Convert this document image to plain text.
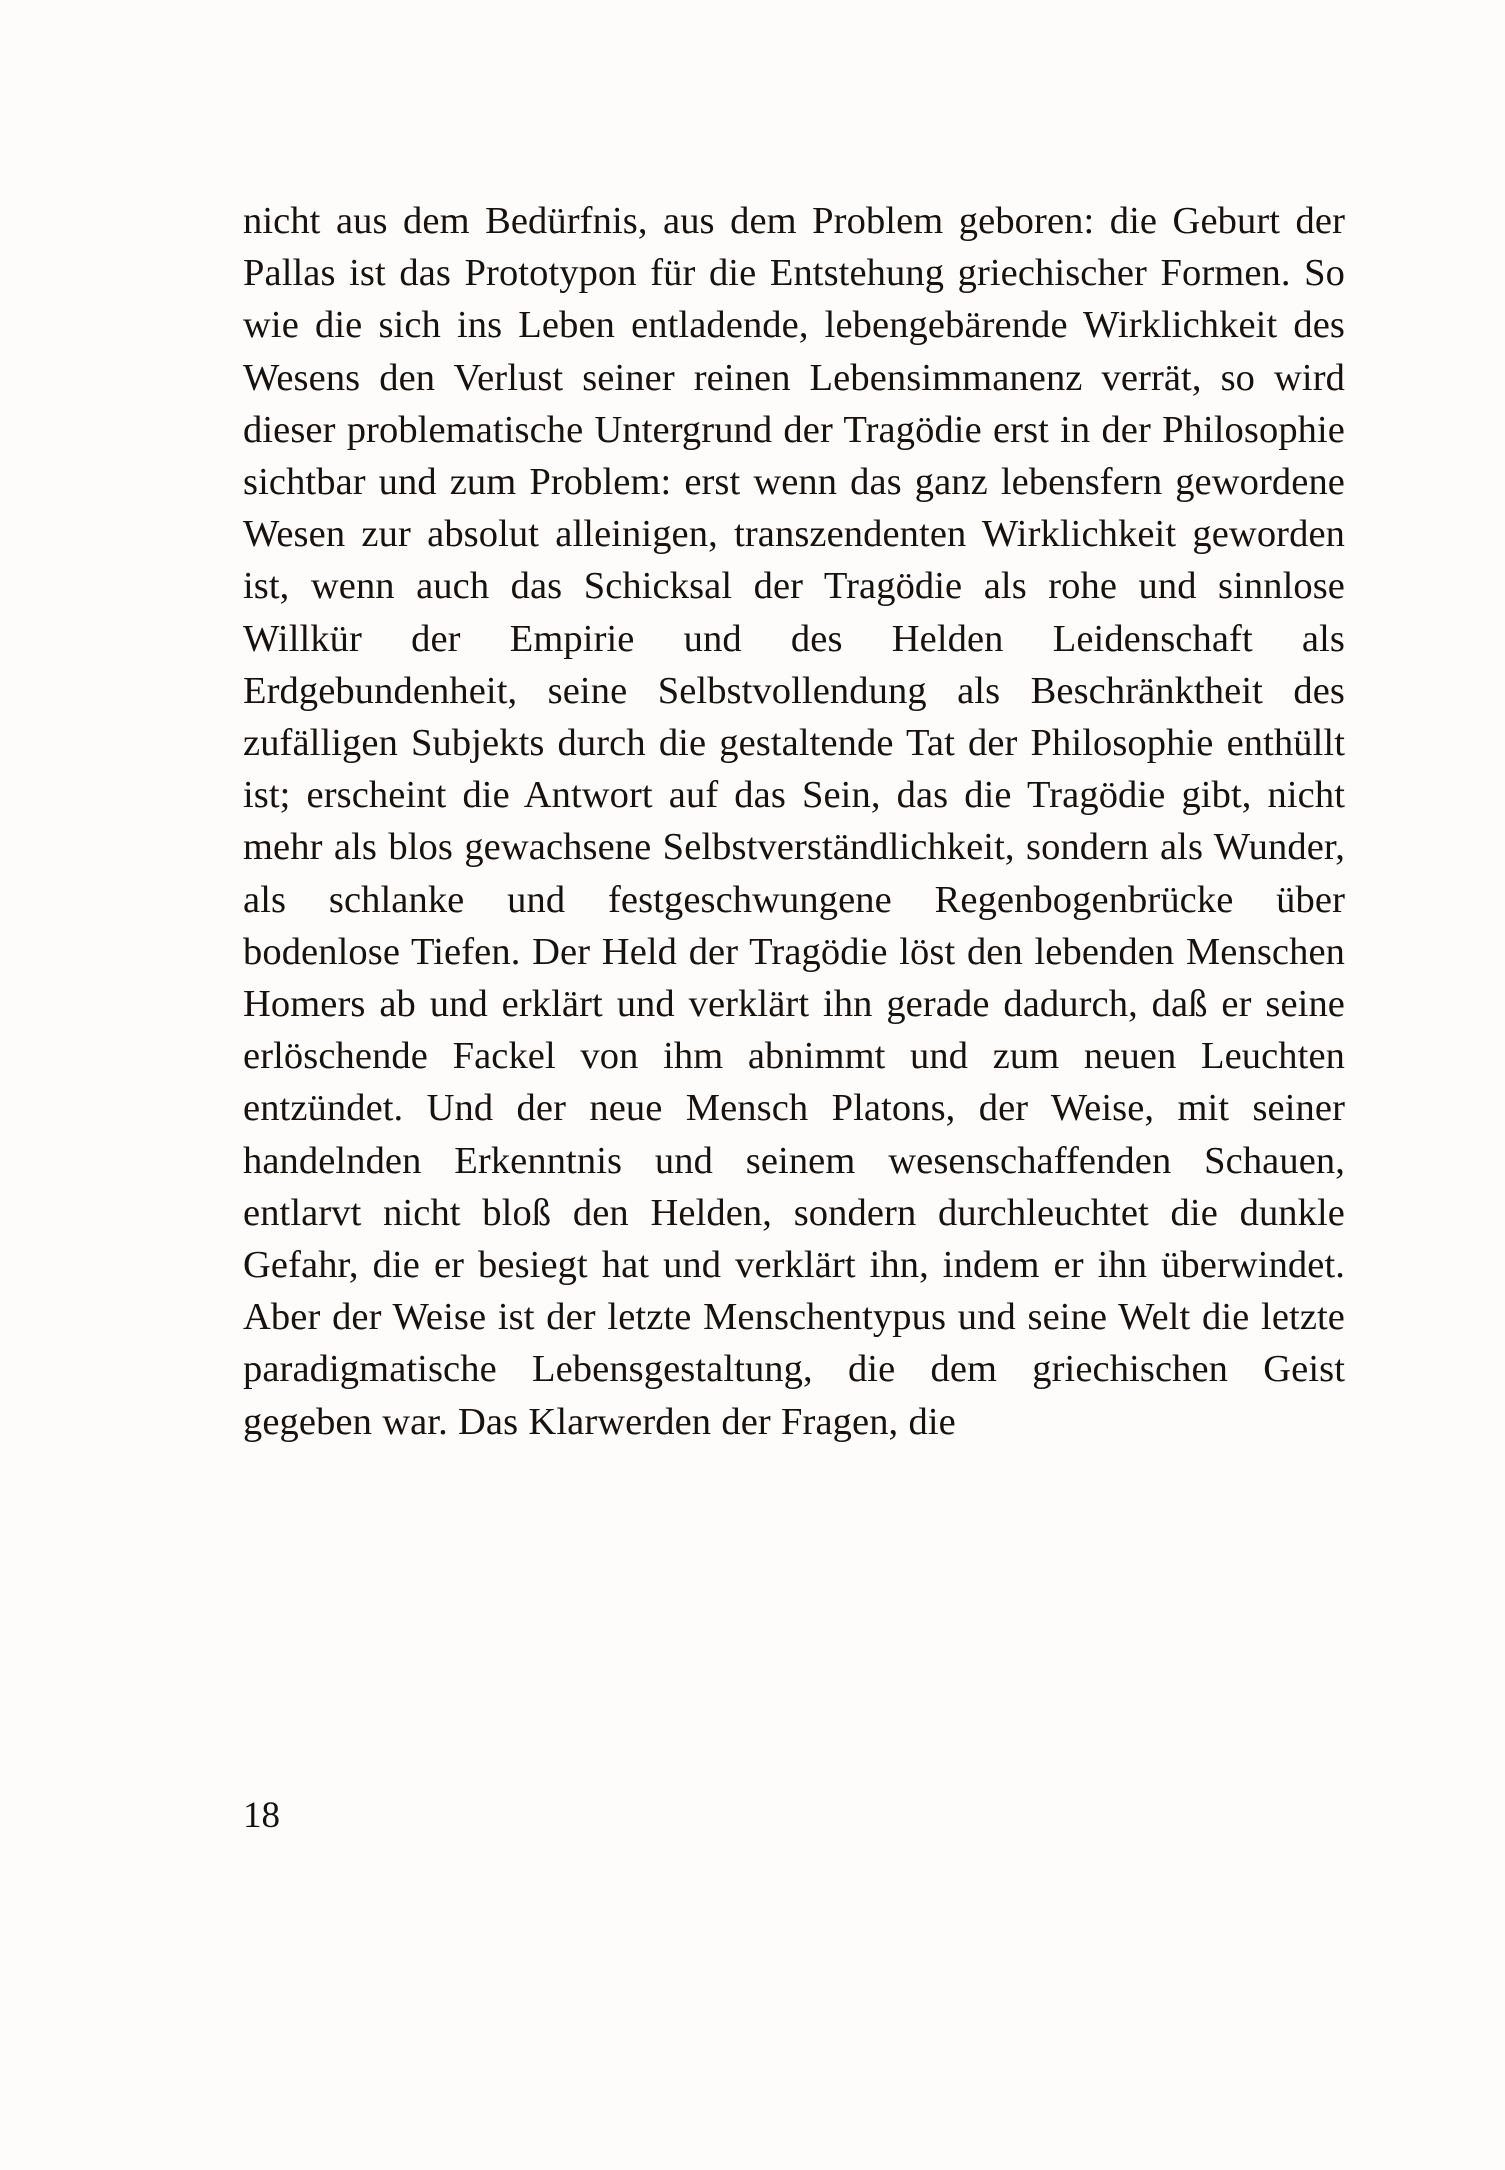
nicht aus dem Bedürfnis, aus dem Problem geboren: die Geburt der Pallas ist das Prototypon für die Entstehung griechischer Formen. So wie die sich ins Leben entladende, lebengebärende Wirklichkeit des Wesens den Verlust seiner reinen Lebensimmanenz verrät, so wird dieser problematische Untergrund der Tragödie erst in der Philosophie sichtbar und zum Problem: erst wenn das ganz lebensfern gewordene Wesen zur absolut alleinigen, transzendenten Wirklichkeit geworden ist, wenn auch das Schicksal der Tragödie als rohe und sinnlose Willkür der Empirie und des Helden Leidenschaft als Erdgebundenheit, seine Selbstvollendung als Beschränktheit des zufälligen Subjekts durch die gestaltende Tat der Philosophie enthüllt ist; erscheint die Antwort auf das Sein, das die Tragödie gibt, nicht mehr als blos gewachsene Selbstverständlichkeit, sondern als Wunder, als schlanke und festgeschwungene Regenbogenbrücke über bodenlose Tiefen. Der Held der Tragödie löst den lebenden Menschen Homers ab und erklärt und verklärt ihn gerade dadurch, daß er seine erlöschende Fackel von ihm abnimmt und zum neuen Leuchten entzündet. Und der neue Mensch Platons, der Weise, mit seiner handelnden Erkenntnis und seinem wesenschaffenden Schauen, entlarvt nicht bloß den Helden, sondern durchleuchtet die dunkle Gefahr, die er besiegt hat und verklärt ihn, indem er ihn überwindet. Aber der Weise ist der letzte Menschentypus und seine Welt die letzte paradigmatische Lebensgestaltung, die dem griechischen Geist gegeben war. Das Klarwerden der Fragen, die

18
